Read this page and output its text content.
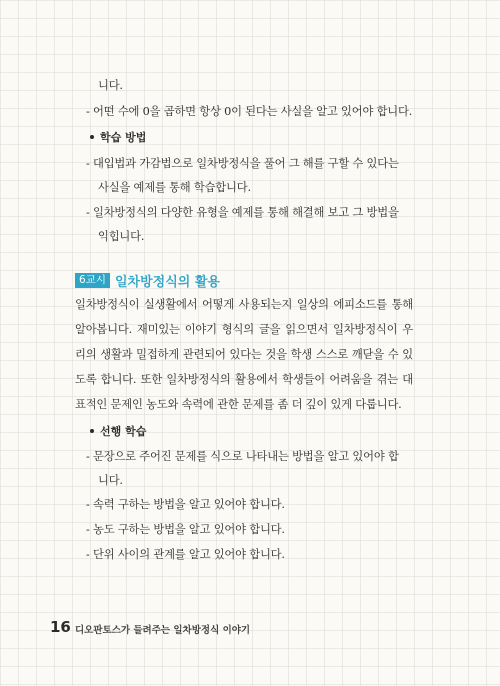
니다.
- 어떤 수에 0을 곱하면 항상 0이 된다는 사실을 알고 있어야 합니다.
학습 방법
- 대입법과 가감법으로 일차방정식을 풀어 그 해를 구할 수 있다는
사실을 예제를 통해 학습합니다.
- 일차방정식의 다양한 유형을 예제를 통해 해결해 보고 그 방법을
익힙니다.
6교시 일차방정식의 활용
일차방정식이 실생활에서 어떻게 사용되는지 일상의 에피소드를 통해
알아봅니다. 재미있는 이야기 형식의 글을 읽으면서 일차방정식이 우
리의 생활과 밀접하게 관련되어 있다는 것을 학생 스스로 깨닫을 수 있
도록 합니다. 또한 일차방정식의 활용에서 학생들이 어려움을 겪는 대
표적인 문제인 농도와 속력에 관한 문제를 좀 더 깊이 있게 다룹니다.
선행 학습
- 문장으로 주어진 문제를 식으로 나타내는 방법을 알고 있어야 합
니다.
- 속력 구하는 방법을 알고 있어야 합니다.
- 농도 구하는 방법을 알고 있어야 합니다.
- 단위 사이의 관계를 알고 있어야 합니다.
16 디오판토스가 들려주는 일차방정식 이야기
